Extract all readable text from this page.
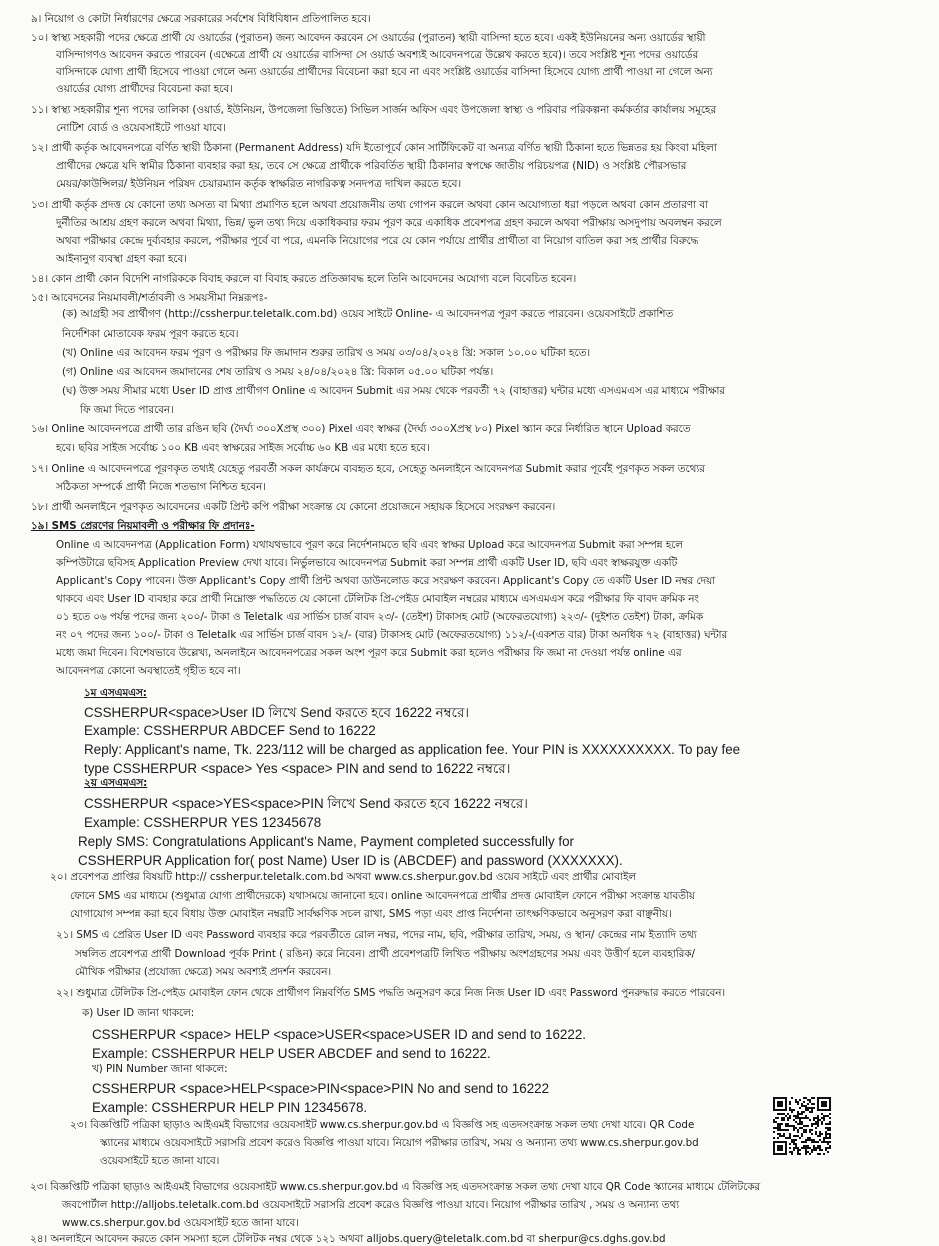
৯। নিয়োগ ও কোটা নির্ধারণের ক্ষেত্রে সরকারের সর্বশেষ বিধিবিধান প্রতিপালিত হবে।
১০। স্বাস্থ্য সহকারী পদের ক্ষেত্রে প্রার্থী যে ওয়ার্ডের (পুরাতন) জন্য আবেদন করবেন সে ওয়ার্ডের (পুরাতন) স্থায়ী বাসিন্দা হতে হবে। একই ইউনিয়নের অন্য ওয়ার্ডের স্থায়ী
বাসিন্দাগণও আবেদন করতে পারবেন (এক্ষেত্রে প্রার্থী যে ওয়ার্ডের বাসিন্দা সে ওয়ার্ড অবশ্যই আবেদনপত্রে উল্লেখ করতে হবে)। তবে সংশ্লিষ্ট শূন্য পদের ওয়ার্ডের
বাসিন্দাকে যোগ্য প্রার্থী হিসেবে পাওয়া গেলে অন্য ওয়ার্ডের প্রার্থীদের বিবেচনা করা হবে না এবং সংশ্লিষ্ট ওয়ার্ডের বাসিন্দা হিসেবে যোগ্য প্রার্থী পাওয়া না গেলে অন্য
ওয়ার্ডের যোগ্য প্রার্থীদের বিবেচনা করা হবে।
১১। স্বাস্থ্য সহকারীর শূন্য পদের তালিকা (ওয়ার্ড, ইউনিয়ন, উপজেলা ভিত্তিতে) সিভিল সার্জন অফিস এবং উপজেলা স্বাস্থ্য ও পরিবার পরিকল্পনা কর্মকর্তার কার্যালয় সমূহের
নোটিশ বোর্ড ও ওয়েবসাইটে পাওয়া যাবে।
১২। প্রার্থী কর্তৃক আবেদনপত্রে বর্ণিত স্থায়ী ঠিকানা (Permanent Address) যদি ইতোপূর্বে কোন সার্টিফিকেট বা অন্যত্র বর্ণিত স্থায়ী ঠিকানা হতে ভিন্নতর হয় কিংবা মহিলা
প্রার্থীদের ক্ষেত্রে যদি স্বামীর ঠিকানা ব্যবহার করা হয়, তবে সে ক্ষেত্রে প্রার্থীকে পরিবর্তিত স্থায়ী ঠিকানার স্বপক্ষে জাতীয় পরিচয়পত্র (NID) ও সংশ্লিষ্ট পৌরসভার
মেয়র/কাউন্সিলর/ ইউনিয়ন পরিষদ চেয়ারম্যান কর্তৃক স্বাক্ষরিত নাগরিকত্ব সনদপত্র দাখিল করতে হবে।
১৩। প্রার্থী কর্তৃক প্রদত্ত যে কোনো তথ্য অসত্য বা মিথ্যা প্রমাণিত হলে অথবা প্রয়োজনীয় তথ্য গোপন করলে অথবা কোন অযোগ্যতা ধরা পড়লে অথবা কোন প্রতারণা বা
দুর্নীতির আশ্রয় গ্রহণ করলে অথবা মিথ্যা, ভিন্ন/ ভুল তথ্য দিয়ে একাধিকবার ফরম পূরণ করে একাধিক প্রবেশপত্র গ্রহণ করলে অথবা পরীক্ষায় অসদুপায় অবলম্বন করলে
অথবা পরীক্ষার কেন্দ্রে দুর্ব্যবহার করলে, পরীক্ষার পূর্বে বা পরে, এমনকি নিয়োগের পরে যে কোন পর্যায়ে প্রার্থীর প্রার্থীতা বা নিয়োগ বাতিল করা সহ প্রার্থীর বিরুদ্ধে
আইনানুগ ব্যবস্থা গ্রহণ করা হবে।
১৪। কোন প্রার্থী কোন বিদেশি নাগরিককে বিবাহ করলে বা বিবাহ করতে প্রতিজ্ঞাবদ্ধ হলে তিনি আবেদনের অযোগ্য বলে বিবেচিত হবেন।
১৫। আবেদনের নিয়মাবলী/শর্তাবলী ও সময়সীমা নিম্নরূপঃ-
(ক) আগ্রহী সব প্রার্থীগণ (http://cssherpur.teletalk.com.bd) ওয়েব সাইটে Online- এ আবেদনপত্র পূরণ করতে পারবেন। ওয়েবসাইটে প্রকাশিত
নির্দেশিকা মোতাবেক ফরম পূরণ করতে হবে।
(খ) Online এর আবেদন ফরম পূরণ ও পরীক্ষার ফি জমাদান শুরুর তারিখ ও সময় ০৩/০৪/২০২৪ খ্রি: সকাল ১০.০০ ঘটিকা হতে।
(গ) Online এর আবেদন জমাদানের শেষ তারিখ ও সময় ২৪/০৪/২০২৪ খ্রি: বিকাল ০৫.০০ ঘটিকা পর্যন্ত।
(ঘ) উক্ত সময় সীমার মধ্যে User ID প্রাপ্ত প্রার্থীগণ Online এ আবেদন Submit এর সময় থেকে পরবর্তী ৭২ (বাহাত্তর) ঘন্টার মধ্যে এসএমএস এর মাধ্যমে পরীক্ষার
ফি জমা দিতে পারবেন।
১৬। Online আবেদনপত্রে প্রার্থী তার রঙিন ছবি (দৈর্ঘ্য ৩০০Xপ্রস্থ ৩০০) Pixel এবং স্বাক্ষর (দৈর্ঘ্য ৩০০Xপ্রস্থ ৮০) Pixel স্ক্যান করে নির্ধারিত স্থানে Upload করতে
হবে। ছবির সাইজ সর্বোচ্চ ১০০ KB এবং স্বাক্ষরের সাইজ সর্বোচ্চ ৬০ KB এর মধ্যে হতে হবে।
১৭। Online এ আবেদনপত্রে পূরণকৃত তথ্যই যেহেতু পরবর্তী সকল কার্যক্রমে ব্যবহৃত হবে, সেহেতু অনলাইনে আবেদনপত্র Submit করার পূর্বেই পূরণকৃত সকল তথ্যের
সঠিকতা সম্পর্কে প্রার্থী নিজে শতভাগ নিশ্চিত হবেন।
১৮। প্রার্থী অনলাইনে পূরণকৃত আবেদনের একটি প্রিন্ট কপি পরীক্ষা সংক্রান্ত যে কোনো প্রয়োজনে সহায়ক হিসেবে সংরক্ষণ করবেন।
১৯। SMS প্রেরণের নিয়মাবলী ও পরীক্ষার ফি প্রদানঃ-
Online এ আবেদনপত্র (Application Form) যথাযথভাবে পূরণ করে নির্দেশনামতে ছবি এবং স্বাক্ষর Upload করে আবেদনপত্র Submit করা সম্পন্ন হলে
কম্পিউটারে ছবিসহ Application Preview দেখা যাবে। নির্ভুলভাবে আবেদনপত্র Submit করা সম্পন্ন প্রার্থী একটি User ID, ছবি এবং স্বাক্ষরযুক্ত একটি
Applicant's Copy পাবেন। উক্ত Applicant's Copy প্রার্থী প্রিন্ট অথবা ডাউনলোড করে সংরক্ষণ করবেন। Applicant's Copy তে একটি User ID নম্বর দেয়া
থাকবে এবং User ID ব্যবহার করে প্রার্থী নিম্নোক্ত পদ্ধতিতে যে কোনো টেলিটক প্রি-পেইড মোবাইল নম্বরের মাধ্যমে এসএমএস করে পরীক্ষার ফি বাবদ ক্রমিক নং
০১ হতে ০৬ পর্যন্ত পদের জন্য ২০০/- টাকা ও Teletalk এর সার্ভিস চার্জ বাবদ ২৩/- (তেইশ) টাকাসহ মোট (অফেরতযোগ্য) ২২৩/- (দুইশত তেইশ) টাকা, ক্রমিক
নং ০৭ পদের জন্য ১০০/- টাকা ও Teletalk এর সার্ভিস চার্জ বাবদ ১২/- (বার) টাকাসহ মোট (অফেরতযোগ্য) ১১২/-(একশত বার) টাকা অনধিক ৭২ (বাহাত্তর) ঘন্টার
মধ্যে জমা দিবেন। বিশেষভাবে উল্লেখ্য, অনলাইনে আবেদনপত্রের সকল অংশ পূরণ করে Submit করা হলেও পরীক্ষার ফি জমা না দেওয়া পর্যন্ত online এর
আবেদনপত্র কোনো অবস্থাতেই গৃহীত হবে না।
১ম এসএমএস:
CSSHERPUR<space>User ID লিখে Send করতে হবে 16222 নম্বরে।
Example: CSSHERPUR ABDCEF Send to 16222
Reply: Applicant's name, Tk. 223/112 will be charged as application fee. Your PIN is XXXXXXXXXX. To pay fee
type CSSHERPUR <space> Yes <space> PIN and send to 16222 নম্বরে।
২য় এসএমএস:
CSSHERPUR <space>YES<space>PIN লিখে Send করতে হবে 16222 নম্বরে।
Example: CSSHERPUR YES 12345678
Reply SMS: Congratulations Applicant's Name, Payment completed successfully for
CSSHERPUR Application for( post Name) User ID is (ABCDEF) and password (XXXXXXX).
২০। প্রবেশপত্র প্রাপ্তির বিষয়টি http:// cssherpur.teletalk.com.bd অথবা www.cs.sherpur.gov.bd ওয়েব সাইটে এবং প্রার্থীর মোবাইল
ফোনে SMS এর মাধ্যমে (শুধুমাত্র যোগ্য প্রার্থীদেরকে) যথাসময়ে জানানো হবে। online আবেদনপত্রে প্রার্থীর প্রদত্ত মোবাইল ফোনে পরীক্ষা সংক্রান্ত যাবতীয়
যোগাযোগ সম্পন্ন করা হবে বিধায় উক্ত মোবাইল নম্বরটি সার্বক্ষণিক সচল রাখা, SMS পড়া এবং প্রাপ্ত নির্দেশনা তাৎক্ষণিকভাবে অনুসরণ করা বাঞ্ছনীয়।
২১। SMS এ প্রেরিত User ID এবং Password ব্যবহার করে পরবর্তীতে রোল নম্বর, পদের নাম, ছবি, পরীক্ষার তারিখ, সময়, ও স্থান/ কেন্দ্রের নাম ইত্যাদি তথ্য
সম্বলিত প্রবেশপত্র প্রার্থী Download পূর্বক Print ( রঙিন) করে নিবেন। প্রার্থী প্রবেশপত্রটি লিখিত পরীক্ষায় অংশগ্রহণের সময় এবং উত্তীর্ণ হলে ব্যবহারিক/
মৌখিক পরীক্ষার (প্রযোজ্য ক্ষেত্রে) সময় অবশ্যই প্রদর্শন করবেন।
২২। শুধুমাত্র টেলিটক প্রি-পেইড মোবাইল ফোন থেকে প্রার্থীগণ নিম্নবর্ণিত SMS পদ্ধতি অনুসরণ করে নিজ নিজ User ID এবং Password পুনরুদ্ধার করতে পারবেন।
ক) User ID জানা থাকলে:
CSSHERPUR <space> HELP <space>USER<space>USER ID and send to 16222.
Example: CSSHERPUR HELP USER ABCDEF and send to 16222.
খ) PIN Number জানা থাকলে:
CSSHERPUR <space>HELP<space>PIN<space>PIN No and send to 16222
Example: CSSHERPUR HELP PIN 12345678.
২৩। বিজ্ঞপ্তিটি পত্রিকা ছাড়াও আইএমই বিভাগের ওয়েবসাইট www.cs.sherpur.gov.bd এ বিজ্ঞপ্তি সহ এতদসংক্রান্ত সকল তথ্য দেখা যাবে। QR Code
স্ক্যানের মাধ্যমে ওয়েবসাইটে সরাসরি প্রবেশ করেও বিজ্ঞপ্তি পাওয়া যাবে। নিয়োগ পরীক্ষার তারিখ, সময় ও অন্যান্য তথ্য www.cs.sherpur.gov.bd
ওয়েবসাইটে হতে জানা যাবে।
২৩। বিজ্ঞপ্তিটি পত্রিকা ছাড়াও আইএমই বিভাগের ওয়েবসাইট www.cs.sherpur.gov.bd এ বিজ্ঞপ্তি সহ এতদসংক্রান্ত সকল তথ্য দেখা যাবে QR Code স্ক্যানের মাধ্যমে টেলিটকের
জবপোর্টাল http://alljobs.teletalk.com.bd ওয়েবসাইটে সরাসরি প্রবেশ করেও বিজ্ঞপ্তি পাওয়া যাবে। নিয়োগ পরীক্ষার তারিখ , সময় ও অন্যান্য তথ্য
www.cs.sherpur.gov.bd ওয়েবসাইট হতে জানা যাবে।
২৪। অনলাইনে আবেদন করতে কোন সমস্যা হলে টেলিটক নম্বর থেকে ১২১ অথবা alljobs.query@teletalk.com.bd বা sherpur@cs.dghs.gov.bd
